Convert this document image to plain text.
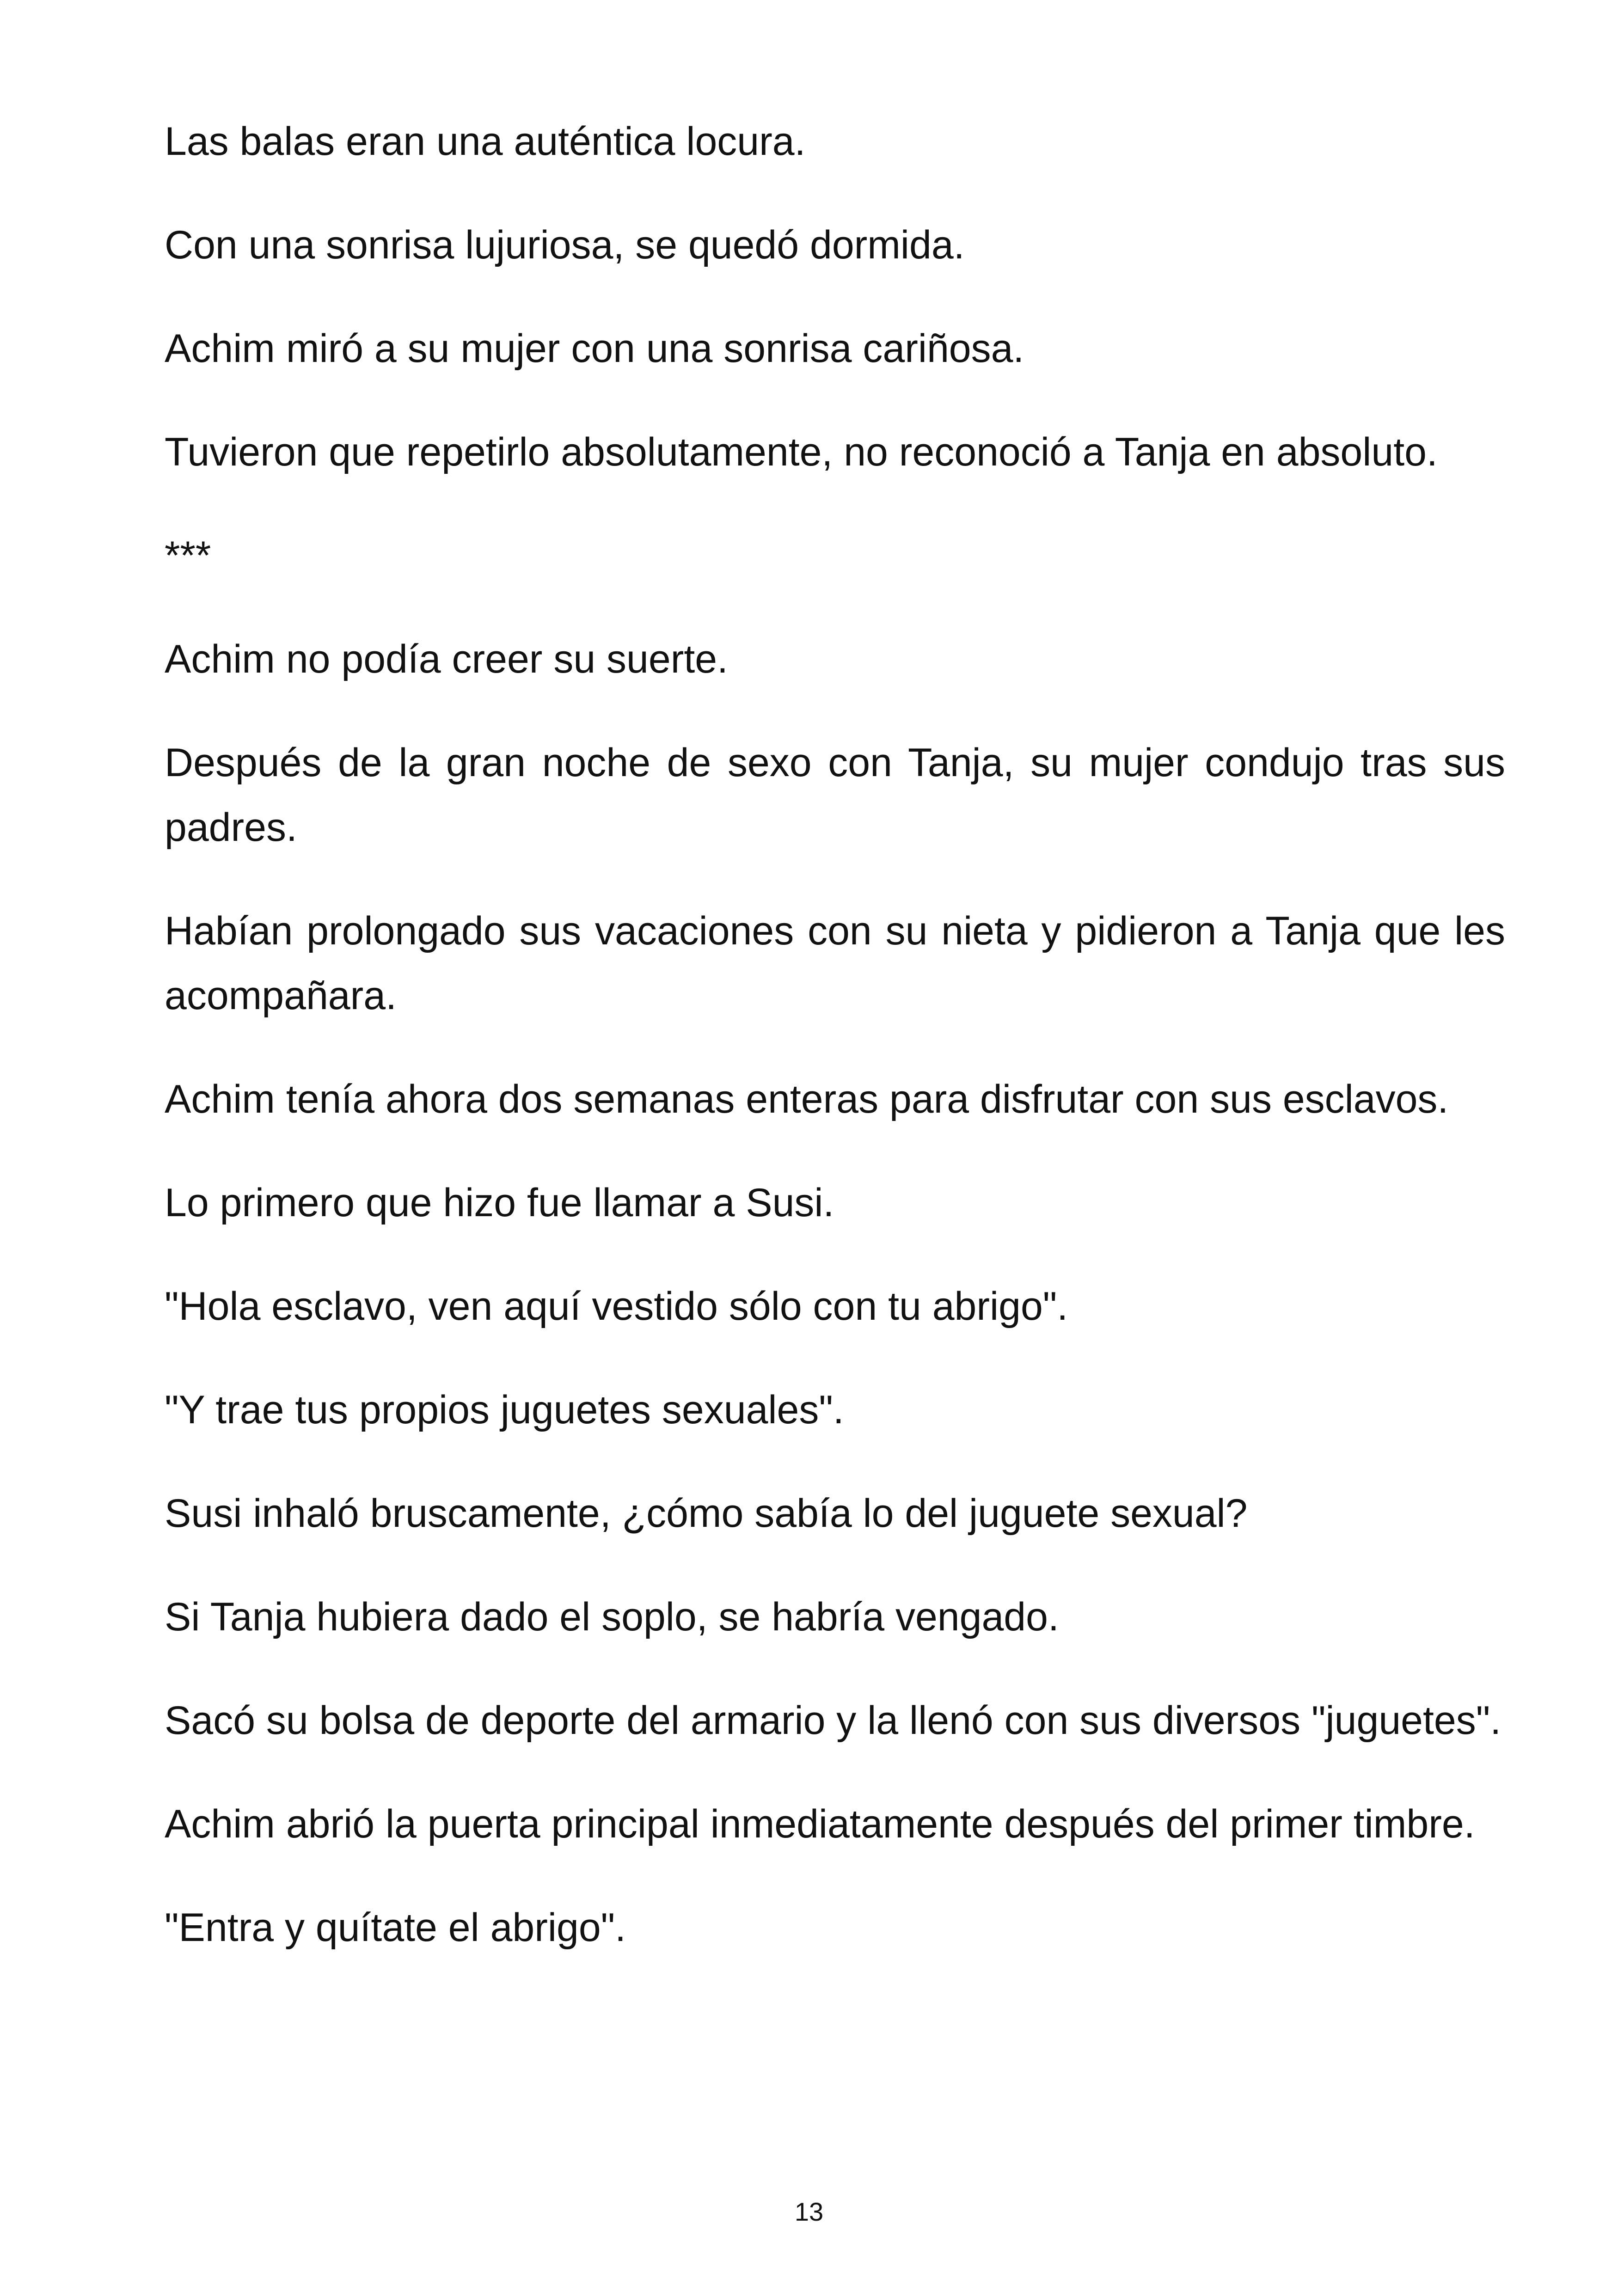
Las balas eran una auténtica locura.

Con una sonrisa lujuriosa, se quedó dormida.

Achim miró a su mujer con una sonrisa cariñosa.

Tuvieron que repetirlo absolutamente, no reconoció a Tanja en absoluto.

***

Achim no podía creer su suerte.

Después de la gran noche de sexo con Tanja, su mujer condujo tras sus padres.

Habían prolongado sus vacaciones con su nieta y pidieron a Tanja que les acompañara.

Achim tenía ahora dos semanas enteras para disfrutar con sus esclavos.

Lo primero que hizo fue llamar a Susi.

"Hola esclavo, ven aquí vestido sólo con tu abrigo".

"Y trae tus propios juguetes sexuales".

Susi inhaló bruscamente, ¿cómo sabía lo del juguete sexual?

Si Tanja hubiera dado el soplo, se habría vengado.

Sacó su bolsa de deporte del armario y la llenó con sus diversos "juguetes".

Achim abrió la puerta principal inmediatamente después del primer timbre.

"Entra y quítate el abrigo".

13
